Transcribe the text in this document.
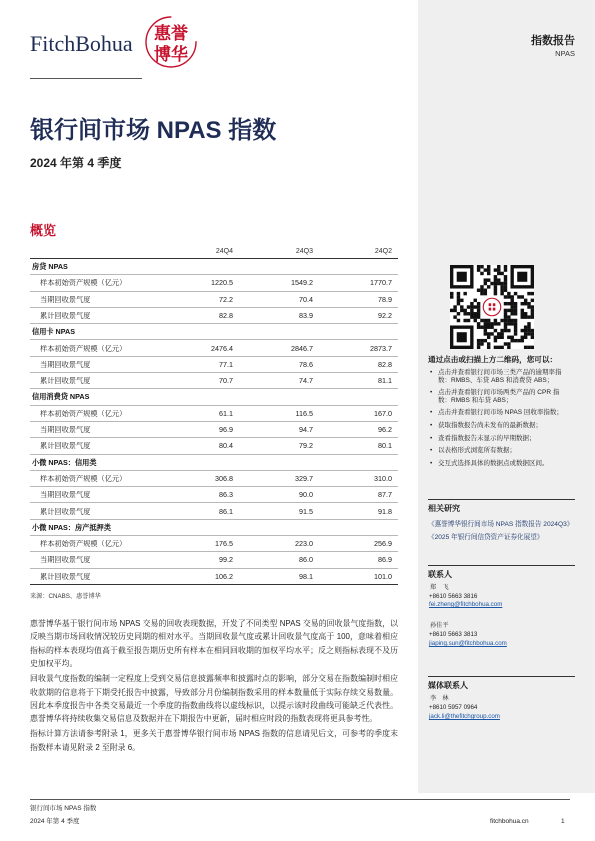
FitchBohua 惠誉
博华
指数报告
NPAS
银行间市场 NPAS 指数
2024 年第 4 季度
概览
24Q4	24Q3	24Q2
房贷 NPAS
样本初始资产规模（亿元）	1220.5	1549.2	1770.7
当期回收景气度	72.2	70.4	78.9
累计回收景气度	82.8	83.9	92.2
信用卡 NPAS
样本初始资产规模（亿元）	2476.4	2846.7	2873.7
当期回收景气度	77.1	78.6	82.8
累计回收景气度	70.7	74.7	81.1
信用消费贷 NPAS
样本初始资产规模（亿元）	61.1	116.5	167.0
当期回收景气度	96.9	94.7	96.2
累计回收景气度	80.4	79.2	80.1
小微 NPAS：信用类
样本初始资产规模（亿元）	306.8	329.7	310.0
当期回收景气度	86.3	90.0	87.7
累计回收景气度	86.1	91.5	91.8
小微 NPAS：房产抵押类
样本初始资产规模（亿元）	176.5	223.0	256.9
当期回收景气度	99.2	86.0	86.9
累计回收景气度	106.2	98.1	101.0
来源：CNABS、惠誉博华

惠誉博华基于银行间市场 NPAS 交易的回收表现数据，开发了不同类型 NPAS 交易的回收景气度指数，以反映当期市场回收情况较历史同期的相对水平。当期回收景气度或累计回收景气度高于 100，意味着相应指标的样本表现均值高于截至报告期历史所有样本在相同回收期的加权平均水平；反之则指标表现不及历史加权平均。

回收景气度指数的编制一定程度上受到交易信息披露频率和披露时点的影响，部分交易在指数编制时相应收款期的信息将于下期受托报告中披露，导致部分月份编制指数采用的样本数量低于实际存续交易数量。因此本季度报告中各类交易最近一个季度的指数曲线将以虚线标识，以提示该时段曲线可能缺乏代表性。惠誉博华将持续收集交易信息及数据并在下期报告中更新，届时相应时段的指数表现将更具参考性。

指标计算方法请参考附录 1，更多关于惠誉博华银行间市场 NPAS 指数的信息请见后文，可参考的季度末指数样本请见附录 2 至附录 6。

通过点击或扫描上方二维码，您可以：
• 点击并查看银行间市场三类产品的逾期率指数：RMBS、车贷 ABS 和消费贷 ABS；
• 点击并查看银行间市场两类产品的 CPR 指数：RMBS 和车贷 ABS；
• 点击并查看银行间市场 NPAS 回收率指数；
• 获取指数报告尚未发布的最新数据；
• 查看指数报告未显示的早期数据；
• 以表格形式浏览所有数据；
• 交互式选择具体的数据点或数据区间。
相关研究
《惠誉博华银行间市场 NPAS 指数报告 2024Q3》
《2025 年银行间信贷资产证券化展望》
联系人
郑　飞
+8610 5663 3816
fei.zheng@fitchbohua.com
孙佳平
+8610 5663 3813
jiaping.sun@fitchbohua.com
媒体联系人
李　林
+8610 5957 0964
jack.li@thefitchgroup.com
银行间市场 NPAS 指数
2024 年第 4 季度	fitchbohua.cn	1
